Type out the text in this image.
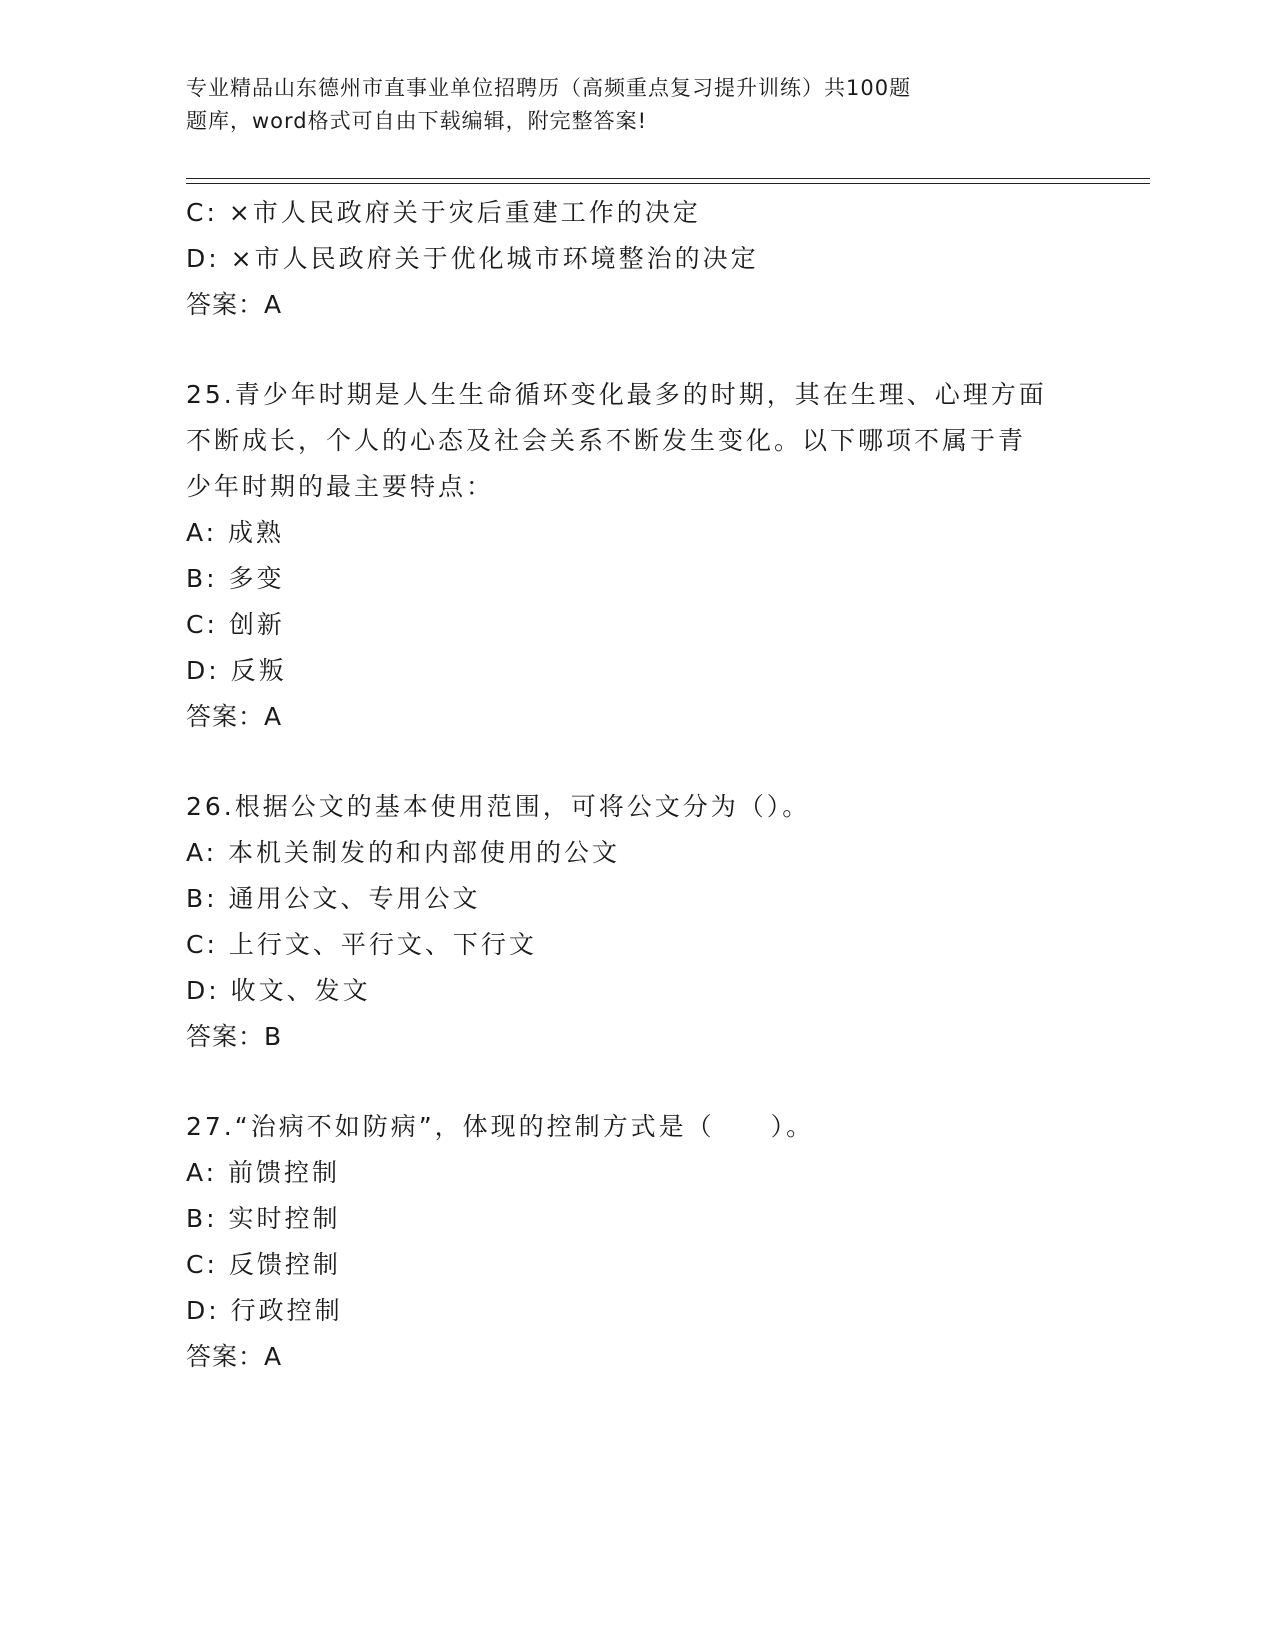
专业精品山东德州市直事业单位招聘历（高频重点复习提升训练）共100题
题库，word格式可自由下载编辑，附完整答案!
C: ×市人民政府关于灾后重建工作的决定
D: ×市人民政府关于优化城市环境整治的决定
答案：A
25.青少年时期是人生生命循环变化最多的时期，其在生理、心理方面
不断成长，个人的心态及社会关系不断发生变化。以下哪项不属于青
少年时期的最主要特点：
A: 成熟
B: 多变
C: 创新
D: 反叛
答案：A
26.根据公文的基本使用范围，可将公文分为（）。
A: 本机关制发的和内部使用的公文
B: 通用公文、专用公文
C: 上行文、平行文、下行文
D: 收文、发文
答案：B
27.“治病不如防病”，体现的控制方式是（　　）。
A: 前馈控制
B: 实时控制
C: 反馈控制
D: 行政控制
答案：A
